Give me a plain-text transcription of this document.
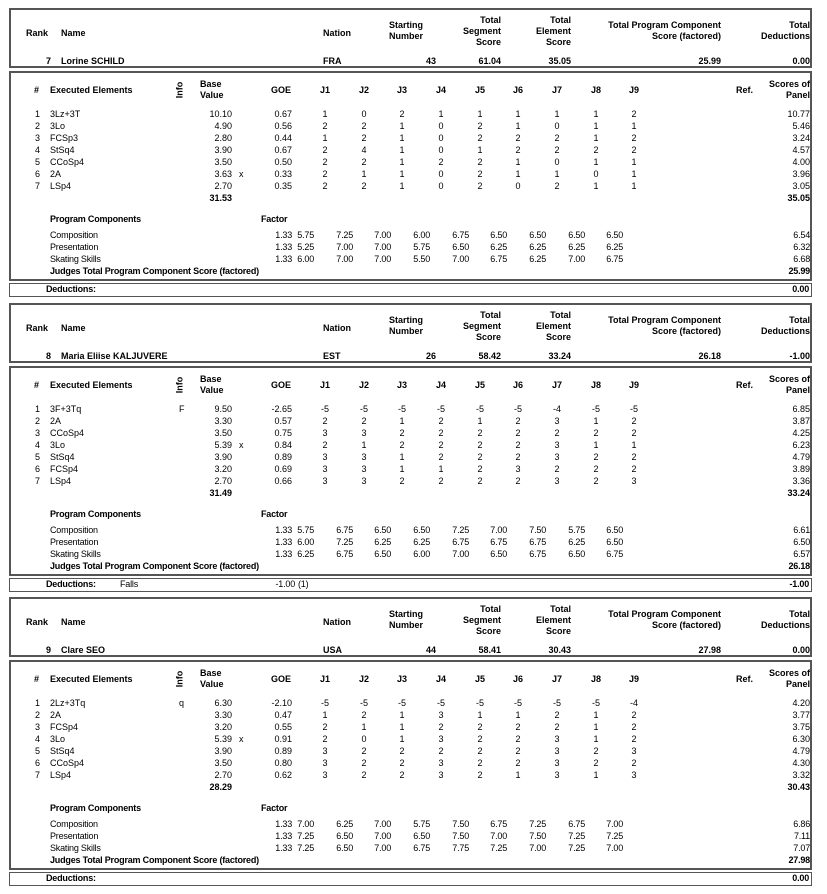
Rank Name	Nation
Starting
Number
Total
Segment
Score
Total
Element
Score
Total Program Component
Score (factored)
Total
Deductions
7 Lorine SCHILD	FRA	43	61.04	35.05	25.99	0.00
# Executed Elements	Info Base
Value	GOE	J1	J2	J3	J4	J5	J6	J7	J8	J9	Ref.
Scores of
Panel
1 3Lz+3T	10.10	0.67	1	0	2	1	1	1	1	1	2	10.77
2 3Lo	4.90	0.56	2	2	1	0	2	1	0	1	1	5.46
3 FCSp3	2.80	0.44	1	2	1	0	2	2	2	1	2	3.24
4 StSq4	3.90	0.67	2	4	1	0	1	2	2	2	2	4.57
5 CCoSp4	3.50	0.50	2	2	1	2	2	1	0	1	1	4.00
6 2A	3.63 x	0.33	2	1	1	0	2	1	1	0	1	3.96
7 LSp4	2.70	0.35	2	2	1	0	2	0	2	1	1	3.05
31.53	35.05
Program Components	Factor
Composition	1.33 5.75	7.25	7.00	6.00	6.75	6.50	6.50	6.50	6.50	6.54
Presentation	1.33 5.25	7.00	7.00	5.75	6.50	6.25	6.25	6.25	6.25	6.32
Skating Skills	1.33 6.00	7.00	7.00	5.50	7.00	6.75	6.25	7.00	6.75	6.68
Judges Total Program Component Score (factored)	25.99
Deductions:	0.00
Rank Name	Nation
Starting
Number
Total
Segment
Score
Total
Element
Score
Total Program Component
Score (factored)
Total
Deductions
8 Maria Eliise KALJUVERE	EST	26	58.42	33.24	26.18	-1.00
# Executed Elements	Info Base
Value	GOE	J1	J2	J3	J4	J5	J6	J7	J8	J9	Ref.
Scores of
Panel
1 3F+3Tq	F	9.50	-2.65	-5	-5	-5	-5	-5	-5	-4	-5	-5	6.85
2 2A	3.30	0.57	2	2	1	2	1	2	3	1	2	3.87
3 CCoSp4	3.50	0.75	3	3	2	2	2	2	2	2	2	4.25
4 3Lo	5.39 x	0.84	2	1	2	2	2	2	3	1	1	6.23
5 StSq4	3.90	0.89	3	3	1	2	2	2	3	2	2	4.79
6 FCSp4	3.20	0.69	3	3	1	1	2	3	2	2	2	3.89
7 LSp4	2.70	0.66	3	3	2	2	2	2	3	2	3	3.36
31.49	33.24
Program Components	Factor
Composition	1.33 5.75	6.75	6.50	6.50	7.25	7.00	7.50	5.75	6.50	6.61
Presentation	1.33 6.00	7.25	6.25	6.25	6.75	6.75	6.75	6.25	6.50	6.50
Skating Skills	1.33 6.25	6.75	6.50	6.00	7.00	6.50	6.75	6.50	6.75	6.57
Judges Total Program Component Score (factored)	26.18
Deductions:	Falls	-1.00 (1)	-1.00
Rank Name	Nation
Starting
Number
Total
Segment
Score
Total
Element
Score
Total Program Component
Score (factored)
Total
Deductions
9 Clare SEO	USA	44	58.41	30.43	27.98	0.00
# Executed Elements	Info Base
Value	GOE	J1	J2	J3	J4	J5	J6	J7	J8	J9	Ref.
Scores of
Panel
1 2Lz+3Tq	q	6.30	-2.10	-5	-5	-5	-5	-5	-5	-5	-5	-4	4.20
2 2A	3.30	0.47	1	2	1	3	1	1	2	1	2	3.77
3 FCSp4	3.20	0.55	2	1	1	2	2	2	2	1	2	3.75
4 3Lo	5.39 x	0.91	2	0	1	3	2	2	3	1	2	6.30
5 StSq4	3.90	0.89	3	2	2	2	2	2	3	2	3	4.79
6 CCoSp4	3.50	0.80	3	2	2	3	2	2	3	2	2	4.30
7 LSp4	2.70	0.62	3	2	2	3	2	1	3	1	3	3.32
28.29	30.43
Program Components	Factor
Composition	1.33 7.00	6.25	7.00	5.75	7.50	6.75	7.25	6.75	7.00	6.86
Presentation	1.33 7.25	6.50	7.00	6.50	7.50	7.00	7.50	7.25	7.25	7.11
Skating Skills	1.33 7.25	6.50	7.00	6.75	7.75	7.25	7.00	7.25	7.00	7.07
Judges Total Program Component Score (factored)	27.98
Deductions:	0.00
